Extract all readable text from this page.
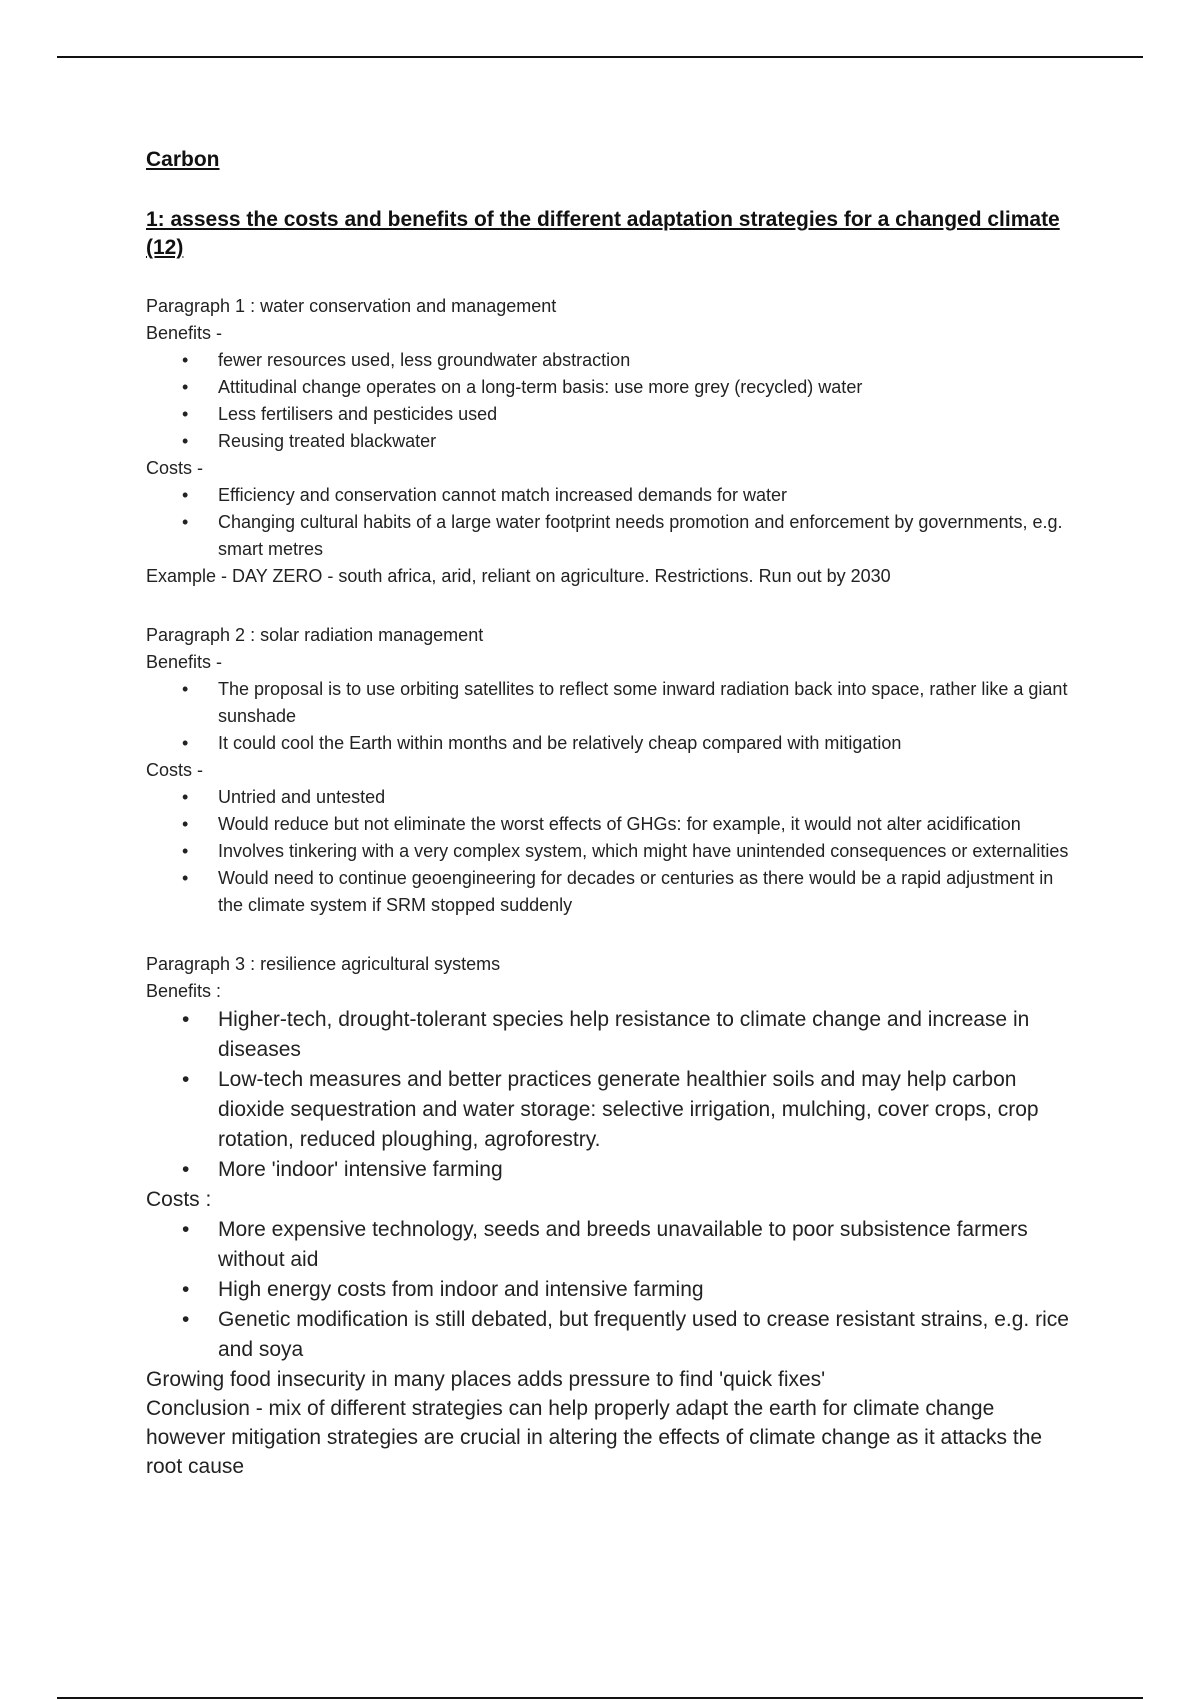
Carbon

1: assess the costs and benefits of the different adaptation strategies for a changed climate (12)

Paragraph 1 : water conservation and management

Benefits -

• fewer resources used, less groundwater abstraction
• Attitudinal change operates on a long-term basis: use more grey (recycled) water
• Less fertilisers and pesticides used
• Reusing treated blackwater

Costs -

• Efficiency and conservation cannot match increased demands for water
• Changing cultural habits of a large water footprint needs promotion and enforcement by governments, e.g. smart metres

Example - DAY ZERO - south africa, arid, reliant on agriculture. Restrictions. Run out by 2030

Paragraph 2 : solar radiation management

Benefits -

• The proposal is to use orbiting satellites to reflect some inward radiation back into space, rather like a giant sunshade
• It could cool the Earth within months and be relatively cheap compared with mitigation

Costs -

• Untried and untested
• Would reduce but not eliminate the worst effects of GHGs: for example, it would not alter acidification
• Involves tinkering with a very complex system, which might have unintended consequences or externalities
• Would need to continue geoengineering for decades or centuries as there would be a rapid adjustment in the climate system if SRM stopped suddenly

Paragraph 3 : resilience agricultural systems

Benefits :

• Higher-tech, drought-tolerant species help resistance to climate change and increase in diseases
• Low-tech measures and better practices generate healthier soils and may help carbon dioxide sequestration and water storage: selective irrigation, mulching, cover crops, crop rotation, reduced ploughing, agroforestry.
• More 'indoor' intensive farming

Costs :

• More expensive technology, seeds and breeds unavailable to poor subsistence farmers without aid
• High energy costs from indoor and intensive farming
• Genetic modification is still debated, but frequently used to crease resistant strains, e.g. rice and soya

Growing food insecurity in many places adds pressure to find 'quick fixes'

Conclusion - mix of different strategies can help properly adapt the earth for climate change however mitigation strategies are crucial in altering the effects of climate change as it attacks the root cause
